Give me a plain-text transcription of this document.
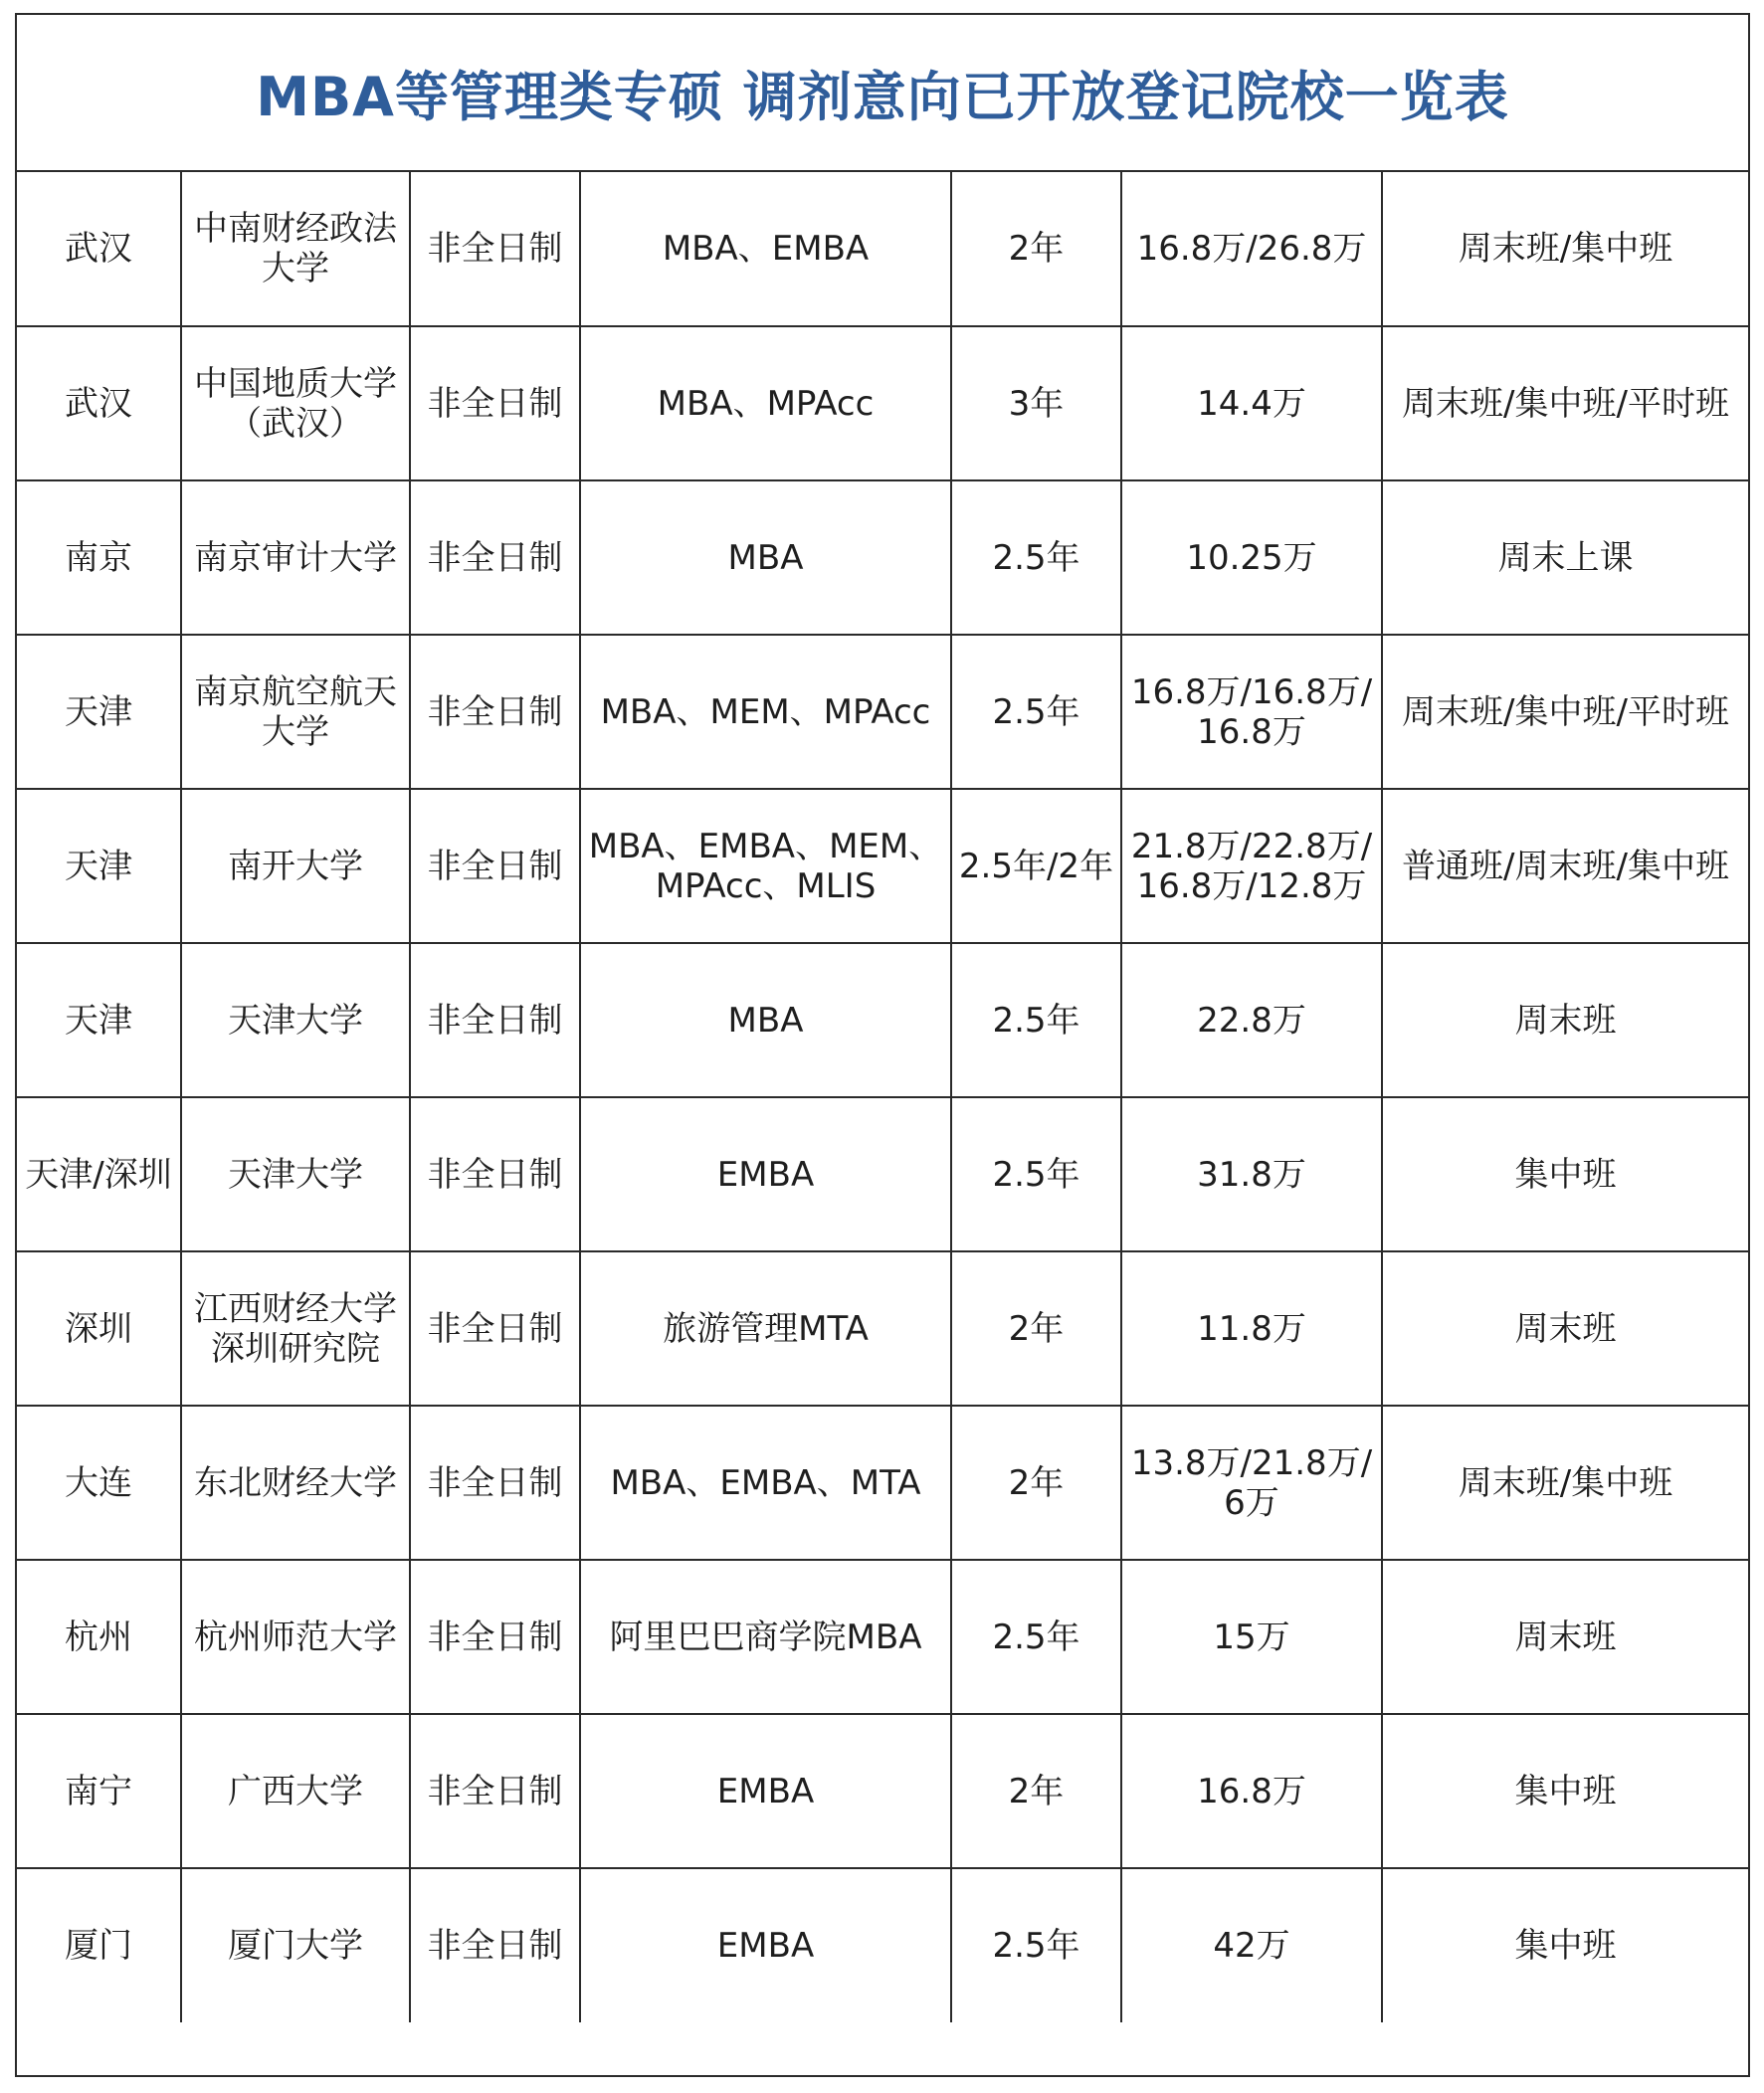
MBA等管理类专硕 调剂意向已开放登记院校一览表
武汉	中南财经政法大学	非全日制	MBA、EMBA	2年	16.8万/26.8万	周末班/集中班
武汉	中国地质大学（武汉）	非全日制	MBA、MPAcc	3年	14.4万	周末班/集中班/平时班
南京	南京审计大学	非全日制	MBA	2.5年	10.25万	周末上课
天津	南京航空航天大学	非全日制	MBA、MEM、MPAcc	2.5年	16.8万/16.8万/16.8万	周末班/集中班/平时班
天津	南开大学	非全日制	MBA、EMBA、MEM、MPAcc、MLIS	2.5年/2年	21.8万/22.8万/16.8万/12.8万	普通班/周末班/集中班
天津	天津大学	非全日制	MBA	2.5年	22.8万	周末班
天津/深圳	天津大学	非全日制	EMBA	2.5年	31.8万	集中班
深圳	江西财经大学深圳研究院	非全日制	旅游管理MTA	2年	11.8万	周末班
大连	东北财经大学	非全日制	MBA、EMBA、MTA	2年	13.8万/21.8万/6万	周末班/集中班
杭州	杭州师范大学	非全日制	阿里巴巴商学院MBA	2.5年	15万	周末班
南宁	广西大学	非全日制	EMBA	2年	16.8万	集中班
厦门	厦门大学	非全日制	EMBA	2.5年	42万	集中班
